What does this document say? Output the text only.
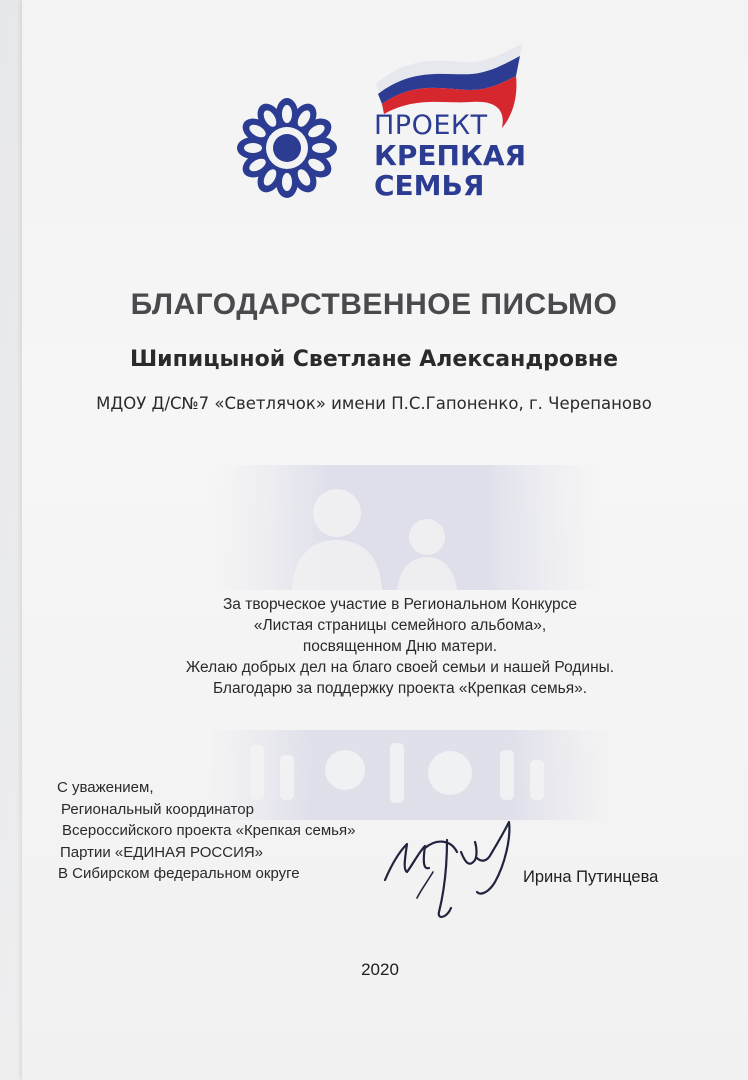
ПРОЕКТ
КРЕПКАЯ
СЕМЬЯ
БЛАГОДАРСТВЕННОЕ ПИСЬМО
Шипицыной Светлане Александровне
МДОУ Д/С№7 «Светлячок» имени П.С.Гапоненко, г. Черепаново
За творческое участие в Региональном Конкурсе
«Листая страницы семейного альбома»,
посвященном Дню матери.
Желаю добрых дел на благо своей семьи и нашей Родины.
Благодарю за поддержку проекта «Крепкая семья».
С уважением,
Региональный координатор
Всероссийского проекта «Крепкая семья»
Партии «ЕДИНАЯ РОССИЯ»
В Сибирском федеральном округе	Ирина Путинцева
2020
